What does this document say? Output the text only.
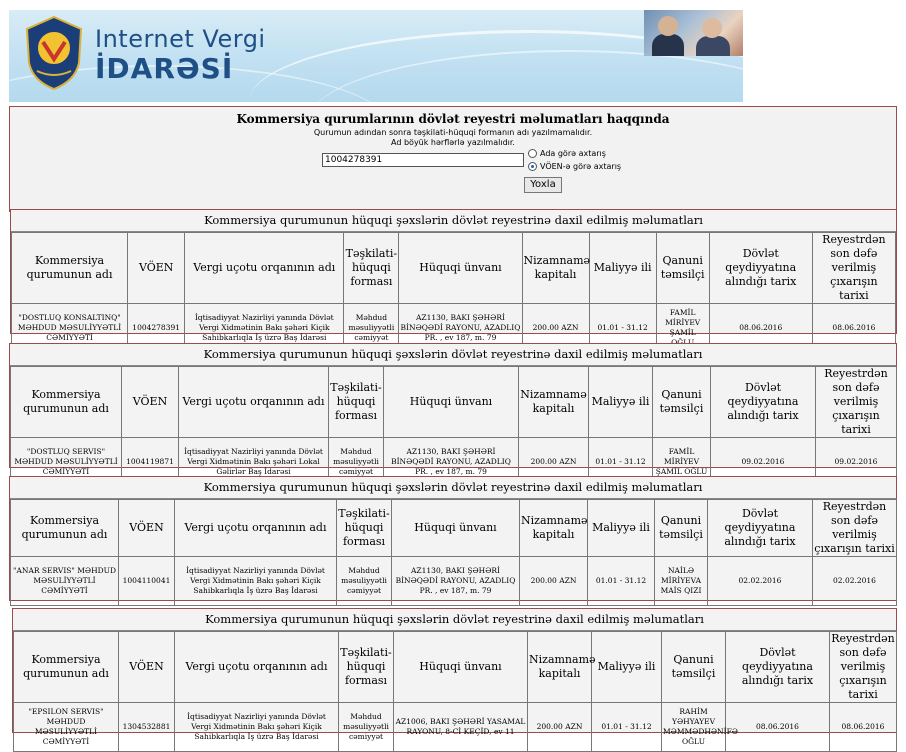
Internet Vergi
İDARƏSİ
Kommersiya qurumlarının dövlət reyestri məlumatları haqqında
Qurumun adından sonra təşkilati-hüquqi formanın adı yazılmamalıdır.
Ad böyük hərflərlə yazılmalıdır.
1004278391
Ada görə axtarış
VÖEN-ə görə axtarış
Yoxla
Kommersiya qurumunun hüquqi şəxslərin dövlət reyestrinə daxil edilmiş məlumatları
Kommersiya qurumunun adı	VÖEN	Vergi uçotu orqanının adı	Təşkilati-hüquqi forması	Hüquqi ünvanı	Nizamnamə kapitalı	Maliyyə ili	Qanuni təmsilçi	Dövlət qeydiyyatına alındığı tarix	Reyestrdən son dəfə verilmiş çıxarışın tarixi
"DOSTLUQ KONSALTINQ" MƏHDUD MƏSULİYYƏTLİ CƏMİYYƏTİ	1004278391	İqtisadiyyat Nazirliyi yanında Dövlət Vergi Xidmətinin Bakı şəhəri Kiçik Sahibkarlıqla İş üzrə Baş İdarəsi	Məhdud məsuliyyətli cəmiyyət	AZ1130, BAKI ŞƏHƏRİ BİNƏQƏDİ RAYONU, AZADLIQ PR. , ev 187, m. 79	200.00 AZN	01.01 - 31.12	FAMİL MİRİYEV ŞAMİL	08.06.2016	08.06.2016
Kommersiya qurumunun hüquqi şəxslərin dövlət reyestrinə daxil edilmiş məlumatları
Kommersiya qurumunun adı	VÖEN	Vergi uçotu orqanının adı	Təşkilati-hüquqi forması	Hüquqi ünvanı	Nizamnamə kapitalı	Maliyyə ili	Qanuni təmsilçi	Dövlət qeydiyyatına alındığı tarix	Reyestrdən son dəfə verilmiş çıxarışın tarixi
"DOSTLUQ SERVIS" MƏHDUD MƏSULİYYƏTLİ CƏMİYYƏTİ	1004119871	İqtisadiyyat Nazirliyi yanında Dövlət Vergi Xidmətinin Bakı şəhəri Lokal Gəlirlər Baş İdarəsi	Məhdud məsuliyyətli cəmiyyət	AZ1130, BAKI ŞƏHƏRİ BİNƏQƏDİ RAYONU, AZADLIQ PR. , ev 187, m. 79	200.00 AZN	01.01 - 31.12	FAMİL MİRİYEV ŞAMİL OĞLU	09.02.2016	09.02.2016
Kommersiya qurumunun hüquqi şəxslərin dövlət reyestrinə daxil edilmiş məlumatları
Kommersiya qurumunun adı	VÖEN	Vergi uçotu orqanının adı	Təşkilati-hüquqi forması	Hüquqi ünvanı	Nizamnamə kapitalı	Maliyyə ili	Qanuni təmsilçi	Dövlət qeydiyyatına alındığı tarix	Reyestrdən son dəfə verilmiş çıxarışın tarixi
"ANAR SERVIS" MƏHDUD MƏSULİYYƏTLİ CƏMİYYƏTİ	1004110041	İqtisadiyyat Nazirliyi yanında Dövlət Vergi Xidmətinin Bakı şəhəri Kiçik Sahibkarlıqla İş üzrə Baş İdarəsi	Məhdud məsuliyyətli cəmiyyət	AZ1130, BAKI ŞƏHƏRİ BİNƏQƏDİ RAYONU, AZADLIQ PR. , ev 187, m. 79	200.00 AZN	01.01 - 31.12	NAİLƏ MİRİYEVA MAİS QIZI	02.02.2016	02.02.2016
Kommersiya qurumunun hüquqi şəxslərin dövlət reyestrinə daxil edilmiş məlumatları
Kommersiya qurumunun adı	VÖEN	Vergi uçotu orqanının adı	Təşkilati-hüquqi forması	Hüquqi ünvanı	Nizamnamə kapitalı	Maliyyə ili	Qanuni təmsilçi	Dövlət qeydiyyatına alındığı tarix	Reyestrdən son dəfə verilmiş çıxarışın tarixi
"EPSILON SERVIS" MƏHDUD MƏSULİYYƏTLİ CƏMİYYƏTİ	1304532881	İqtisadiyyat Nazirliyi yanında Dövlət Vergi Xidmətinin Bakı şəhəri Kiçik Sahibkarlıqla İş üzrə Baş İdarəsi	Məhdud məsuliyyətli cəmiyyət	AZ1006, BAKI ŞƏHƏRİ YASAMAL RAYONU, 8-Cİ KEÇİD, ev 11	200.00 AZN	01.01 - 31.12	RAHİM YƏHYAYEV MƏMMƏDHƏNİFƏ OĞLU	08.06.2016	08.06.2016
